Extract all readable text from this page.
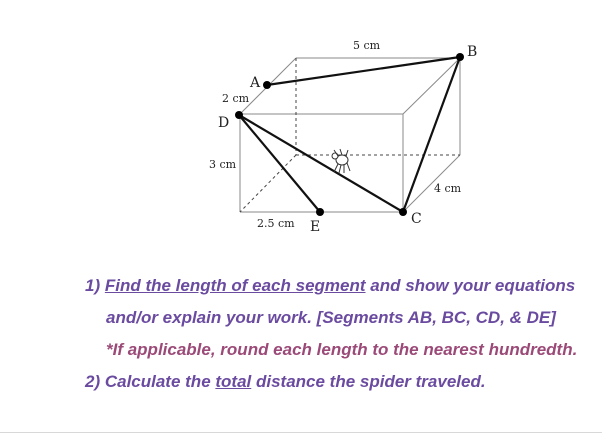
A
B
C
D
E
5 cm
2 cm
3 cm
4 cm
2.5 cm
1) Find the length of each segment and show your equations
and/or explain your work. [Segments AB, BC, CD, & DE]
*If applicable, round each length to the nearest hundredth.
2) Calculate the total distance the spider traveled.
